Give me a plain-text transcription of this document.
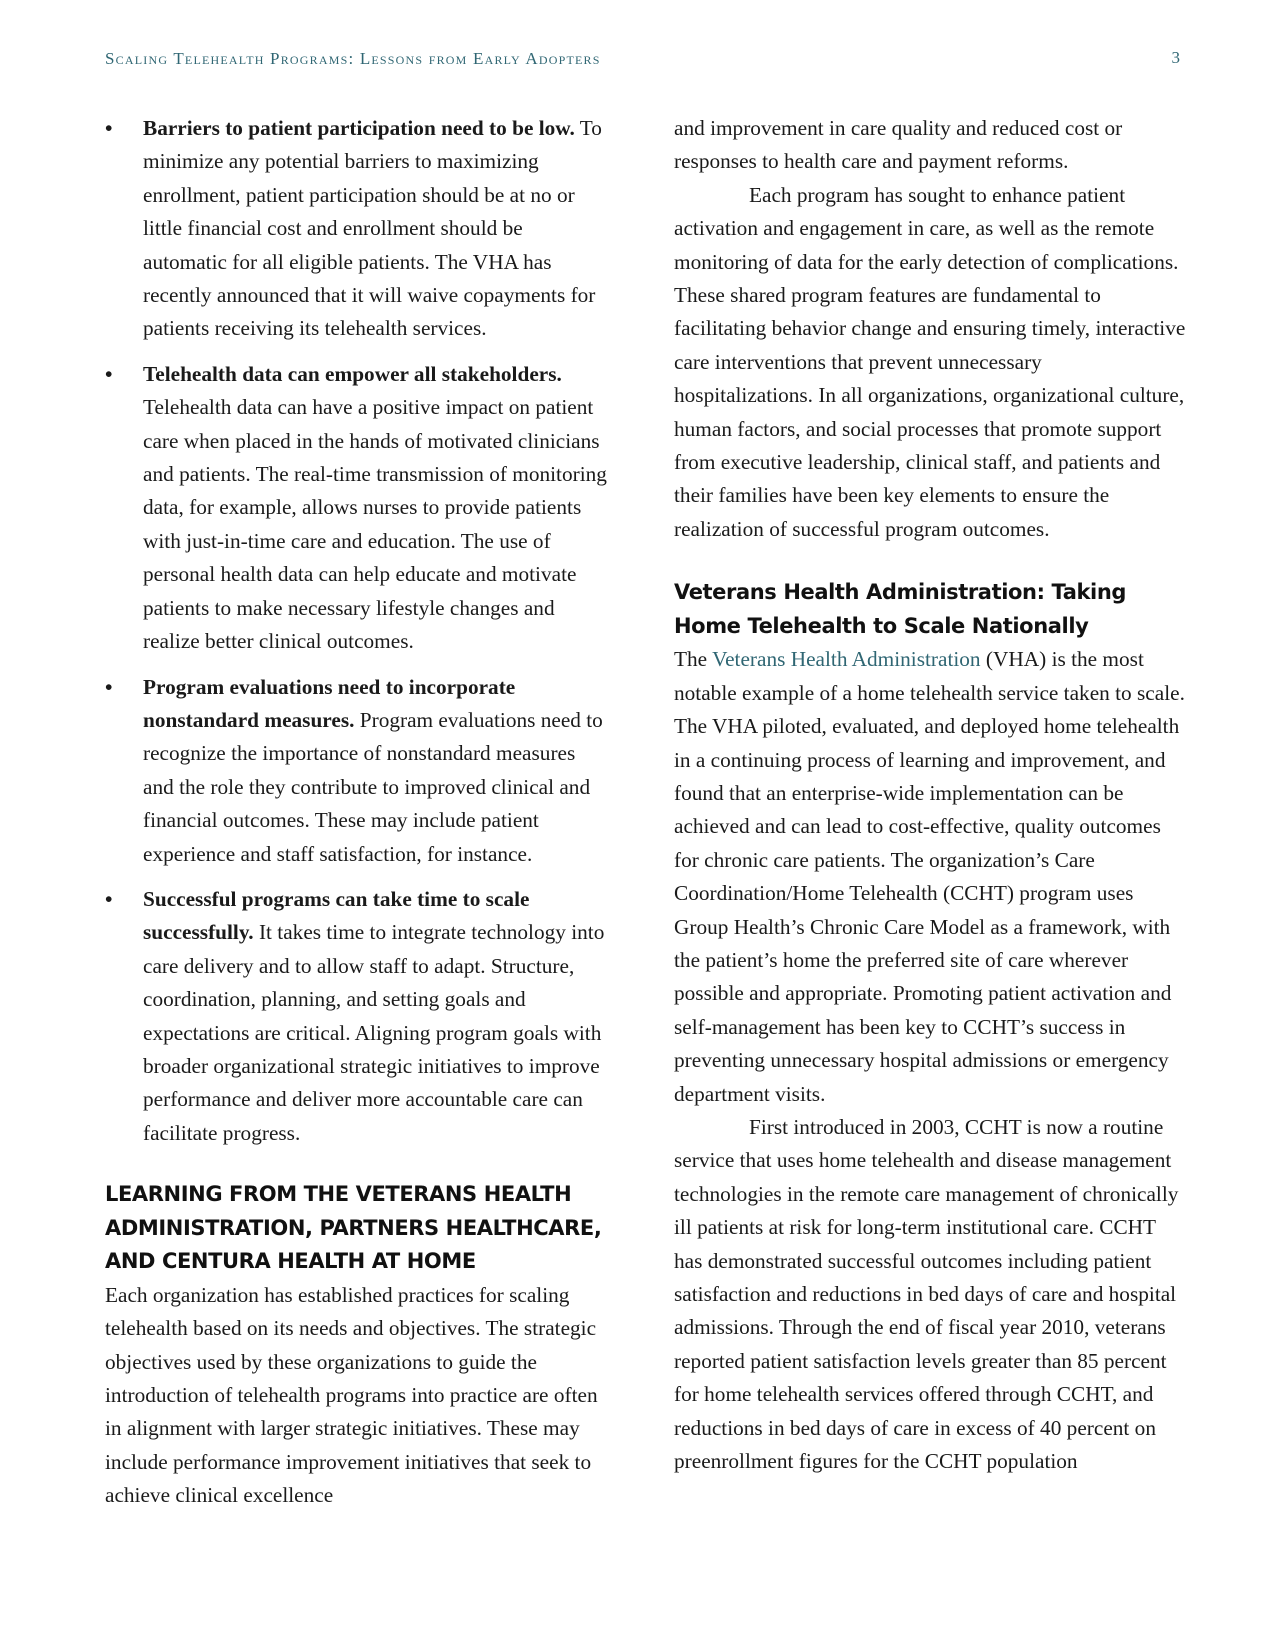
Scaling Telehealth Programs: Lessons from Early Adopters	3
• Barriers to patient participation need to be low. To minimize any potential barriers to maximizing enrollment, patient participation should be at no or little financial cost and enrollment should be automatic for all eligible patients. The VHA has recently announced that it will waive copayments for patients receiving its telehealth services.
• Telehealth data can empower all stakeholders. Telehealth data can have a positive impact on patient care when placed in the hands of motivated clinicians and patients. The real-time transmission of monitoring data, for example, allows nurses to provide patients with just-in-time care and education. The use of personal health data can help educate and motivate patients to make necessary lifestyle changes and realize better clinical outcomes.
• Program evaluations need to incorporate nonstandard measures. Program evaluations need to recognize the importance of nonstandard measures and the role they contribute to improved clinical and financial outcomes. These may include patient experience and staff satisfaction, for instance.
• Successful programs can take time to scale successfully. It takes time to integrate technology into care delivery and to allow staff to adapt. Structure, coordination, planning, and setting goals and expectations are critical. Aligning program goals with broader organizational strategic initiatives to improve performance and deliver more accountable care can facilitate progress.
LEARNING FROM THE VETERANS HEALTH ADMINISTRATION, PARTNERS HEALTHCARE, AND CENTURA HEALTH AT HOME

Each organization has established practices for scaling telehealth based on its needs and objectives. The strategic objectives used by these organizations to guide the introduction of telehealth programs into practice are often in alignment with larger strategic initiatives. These may include performance improvement initiatives that seek to achieve clinical excellence

and improvement in care quality and reduced cost or responses to health care and payment reforms.

Each program has sought to enhance patient activation and engagement in care, as well as the remote monitoring of data for the early detection of complications. These shared program features are fundamental to facilitating behavior change and ensuring timely, interactive care interventions that prevent unnecessary hospitalizations. In all organizations, organizational culture, human factors, and social processes that promote support from executive leadership, clinical staff, and patients and their families have been key elements to ensure the realization of successful program outcomes.

Veterans Health Administration: Taking Home Telehealth to Scale Nationally

The Veterans Health Administration (VHA) is the most notable example of a home telehealth service taken to scale. The VHA piloted, evaluated, and deployed home telehealth in a continuing process of learning and improvement, and found that an enterprise-wide implementation can be achieved and can lead to cost-effective, quality outcomes for chronic care patients. The organization’s Care Coordination/Home Telehealth (CCHT) program uses Group Health’s Chronic Care Model as a framework, with the patient’s home the preferred site of care wherever possible and appropriate. Promoting patient activation and self-management has been key to CCHT’s success in preventing unnecessary hospital admissions or emergency department visits.

First introduced in 2003, CCHT is now a routine service that uses home telehealth and disease management technologies in the remote care management of chronically ill patients at risk for long-term institutional care. CCHT has demonstrated successful outcomes including patient satisfaction and reductions in bed days of care and hospital admissions. Through the end of fiscal year 2010, veterans reported patient satisfaction levels greater than 85 percent for home telehealth services offered through CCHT, and reductions in bed days of care in excess of 40 percent on preenrollment figures for the CCHT population
